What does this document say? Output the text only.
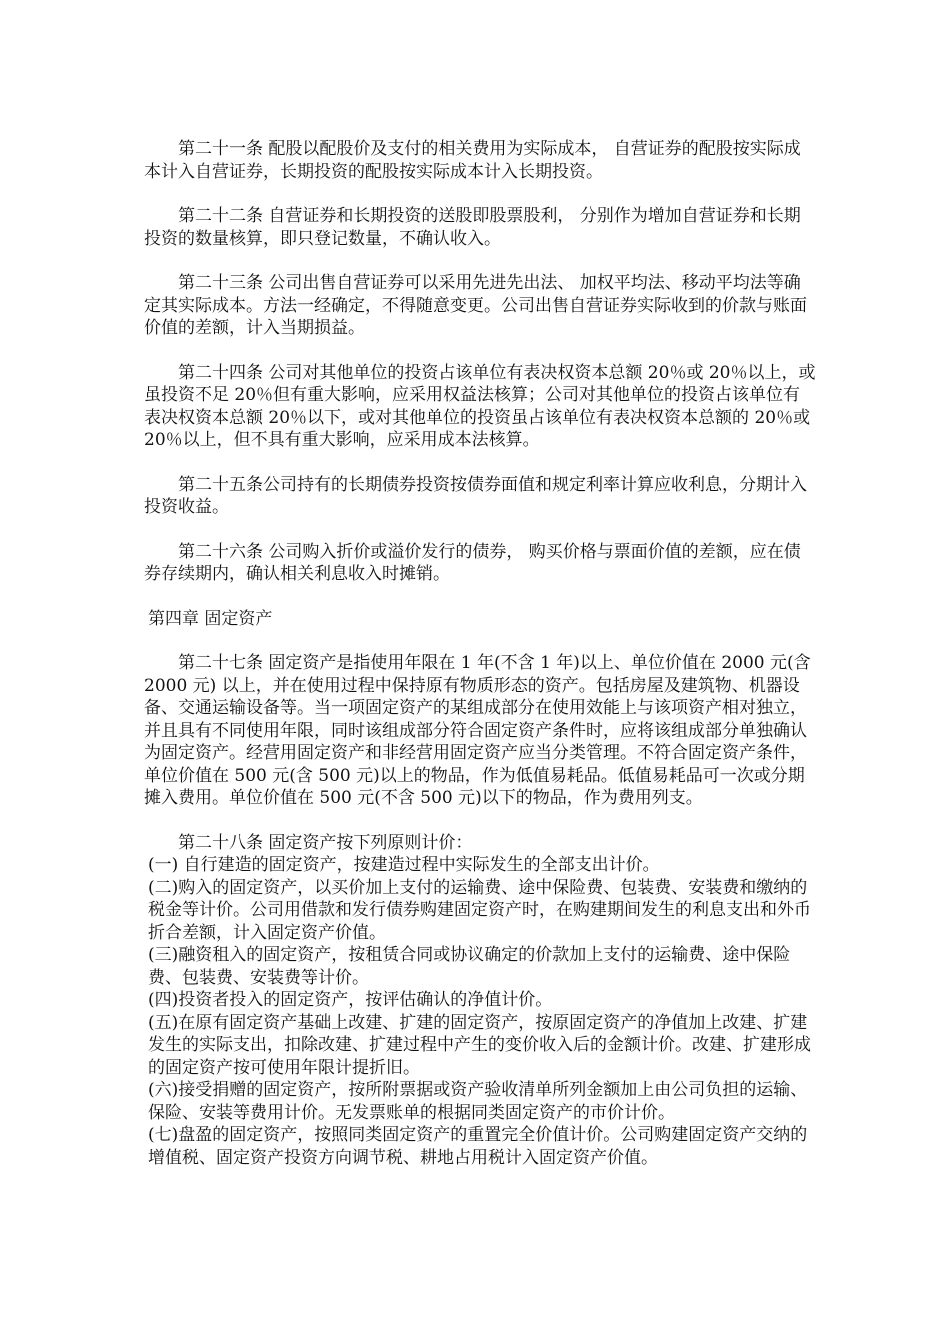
第二十一条 配股以配股价及支付的相关费用为实际成本， 自营证券的配股按实际成本计入自营证券，长期投资的配股按实际成本计入长期投资。

第二十二条 自营证券和长期投资的送股即股票股利， 分别作为增加自营证券和长期投资的数量核算，即只登记数量，不确认收入。

第二十三条 公司出售自营证券可以采用先进先出法、 加权平均法、移动平均法等确定其实际成本。方法一经确定，不得随意变更。公司出售自营证券实际收到的价款与账面价值的差额，计入当期损益。

第二十四条 公司对其他单位的投资占该单位有表决权资本总额 20％或 20％以上，或虽投资不足 20％但有重大影响，应采用权益法核算；公司对其他单位的投资占该单位有表决权资本总额 20％以下，或对其他单位的投资虽占该单位有表决权资本总额的 20％或 20％以上，但不具有重大影响，应采用成本法核算。

第二十五条公司持有的长期债券投资按债券面值和规定利率计算应收利息，分期计入投资收益。

第二十六条 公司购入折价或溢价发行的债券， 购买价格与票面价值的差额，应在债券存续期内，确认相关利息收入时摊销。

第四章 固定资产

第二十七条 固定资产是指使用年限在 1 年(不含 1 年)以上、单位价值在 2000 元(含 2000 元) 以上，并在使用过程中保持原有物质形态的资产。包括房屋及建筑物、机器设备、交通运输设备等。当一项固定资产的某组成部分在使用效能上与该项资产相对独立，并且具有不同使用年限，同时该组成部分符合固定资产条件时，应将该组成部分单独确认为固定资产。经营用固定资产和非经营用固定资产应当分类管理。不符合固定资产条件，单位价值在 500 元(含 500 元)以上的物品，作为低值易耗品。低值易耗品可一次或分期摊入费用。单位价值在 500 元(不含 500 元)以下的物品，作为费用列支。

第二十八条 固定资产按下列原则计价：

(一) 自行建造的固定资产，按建造过程中实际发生的全部支出计价。
(二)购入的固定资产，以买价加上支付的运输费、途中保险费、包装费、安装费和缴纳的税金等计价。公司用借款和发行债券购建固定资产时，在购建期间发生的利息支出和外币折合差额，计入固定资产价值。
(三)融资租入的固定资产，按租赁合同或协议确定的价款加上支付的运输费、途中保险费、包装费、安装费等计价。
(四)投资者投入的固定资产，按评估确认的净值计价。
(五)在原有固定资产基础上改建、扩建的固定资产，按原固定资产的净值加上改建、扩建发生的实际支出，扣除改建、扩建过程中产生的变价收入后的金额计价。改建、扩建形成的固定资产按可使用年限计提折旧。
(六)接受捐赠的固定资产，按所附票据或资产验收清单所列金额加上由公司负担的运输、保险、安装等费用计价。无发票账单的根据同类固定资产的市价计价。
(七)盘盈的固定资产，按照同类固定资产的重置完全价值计价。公司购建固定资产交纳的增值税、固定资产投资方向调节税、耕地占用税计入固定资产价值。
